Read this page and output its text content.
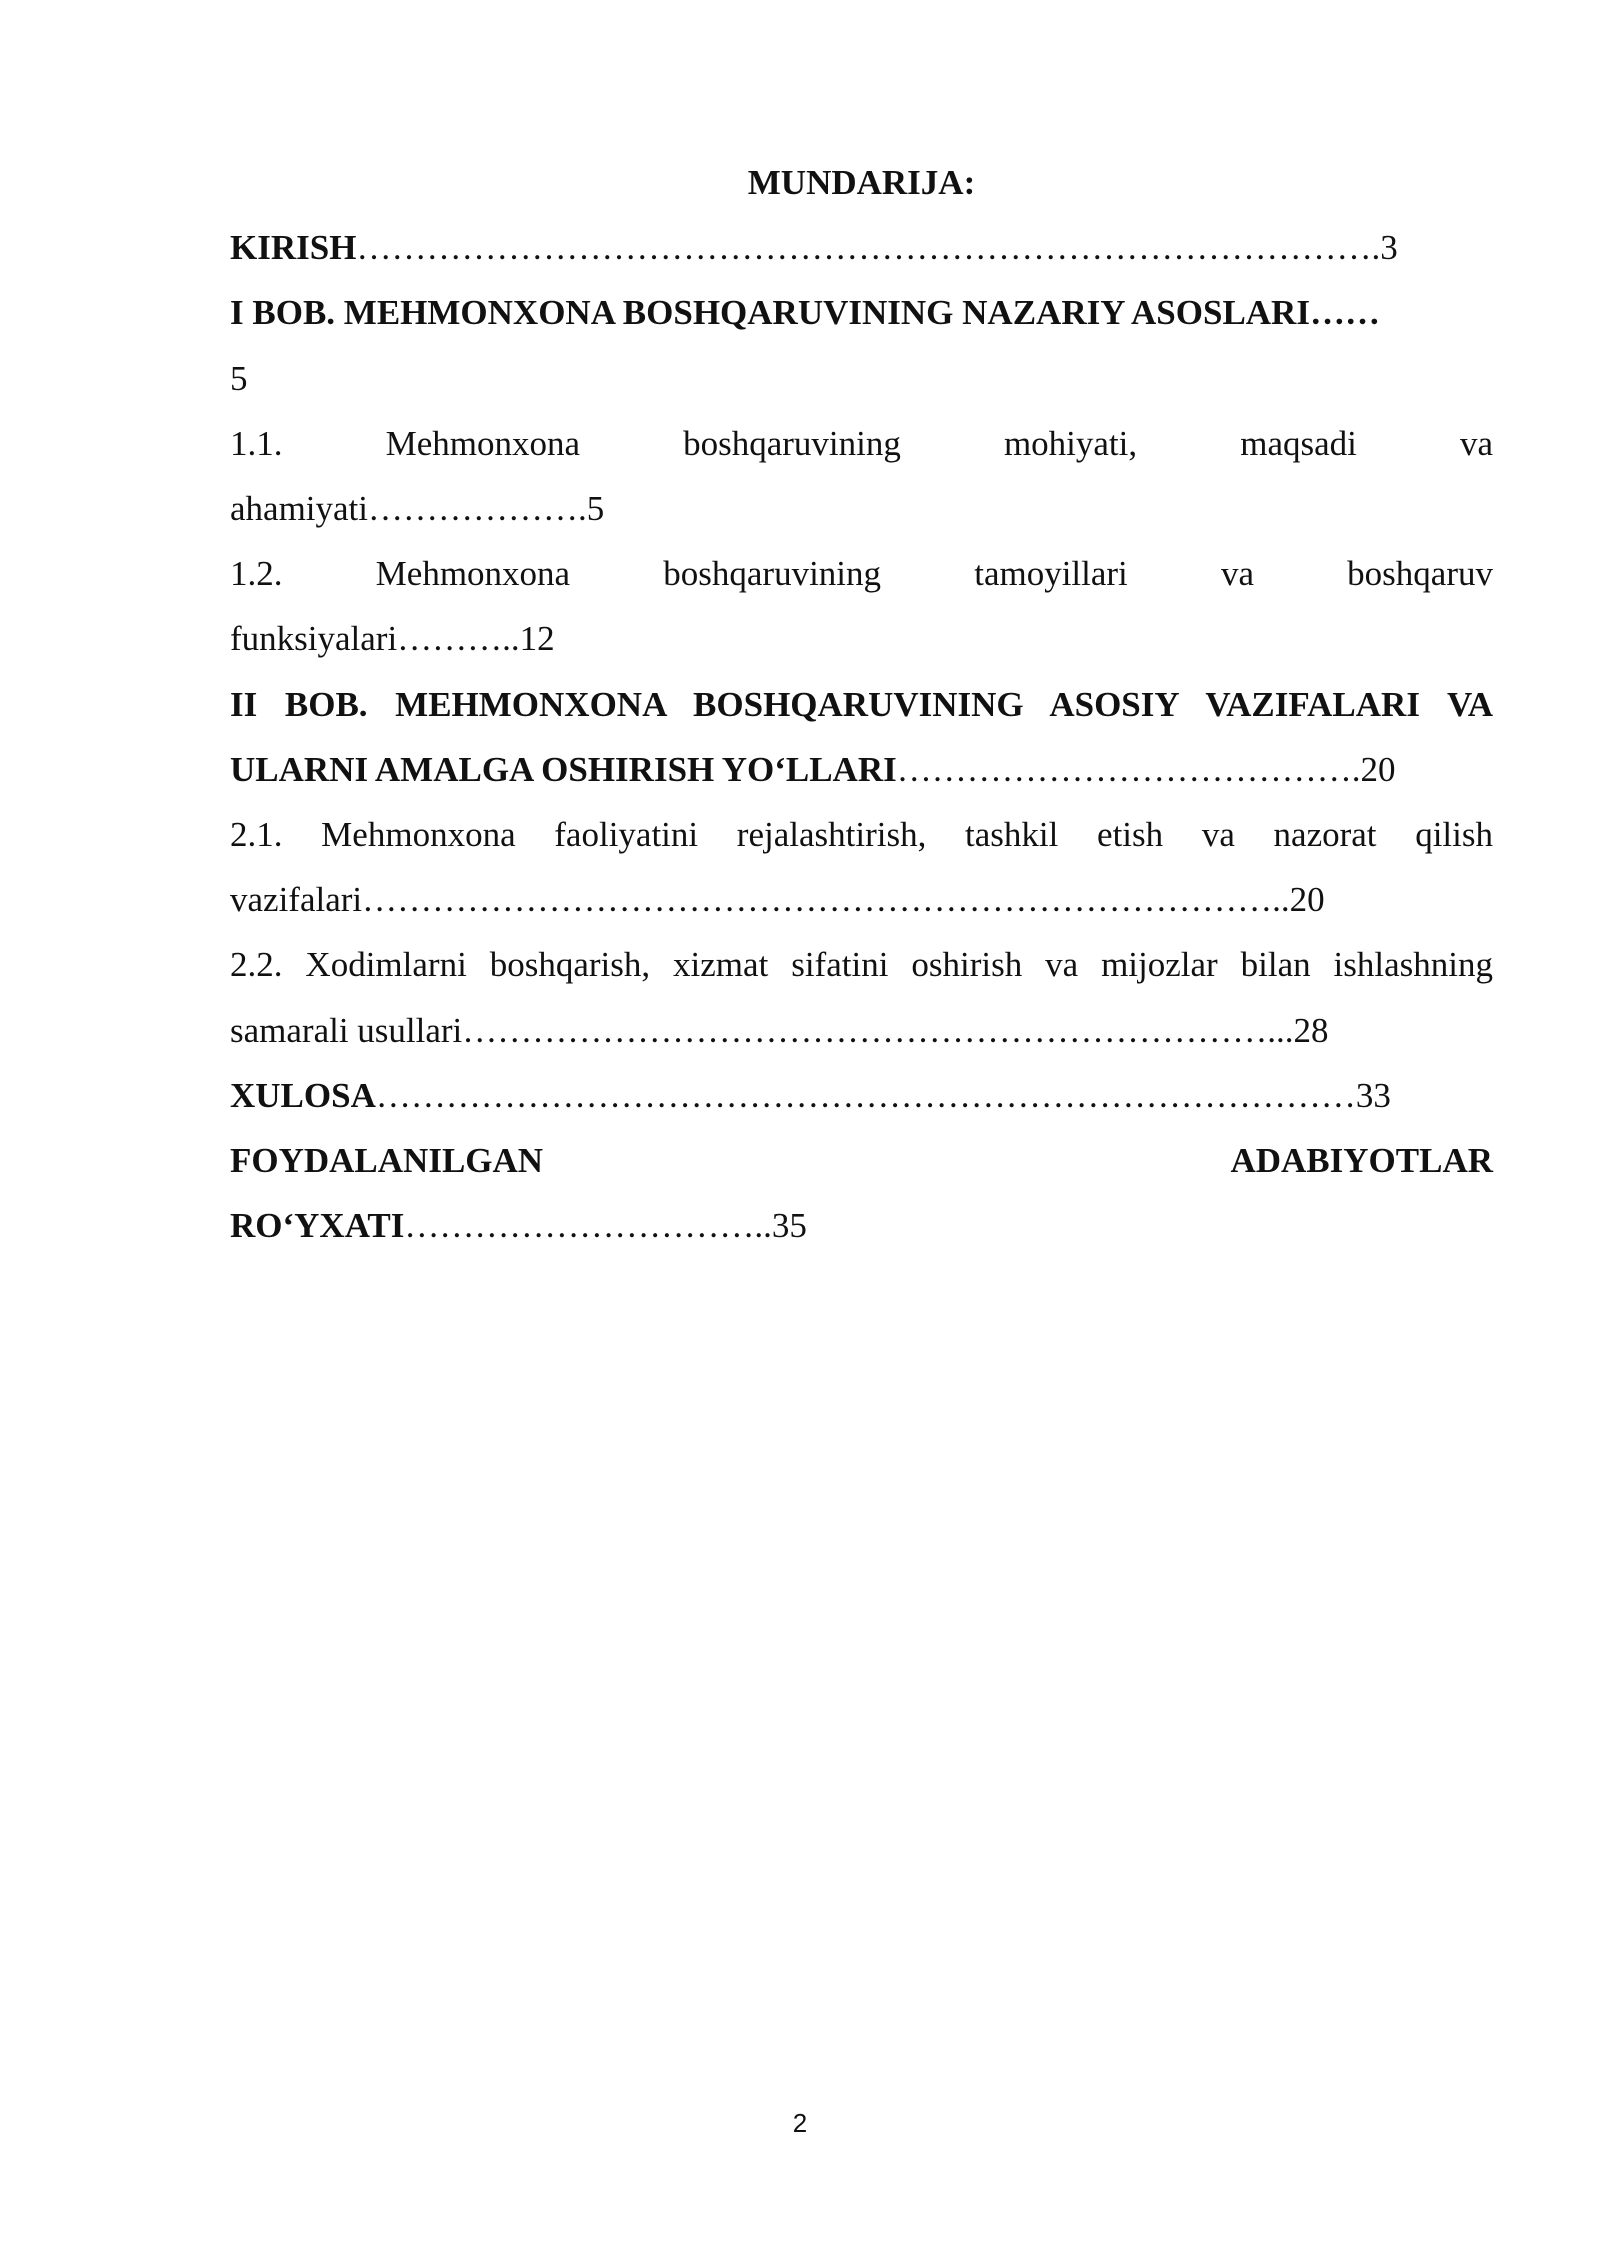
MUNDARIJA:

KIRISH…………………………………………………………………………….3

I BOB. MEHMONXONA BOSHQARUVINING NAZARIY ASOSLARI……

5

1.1. Mehmonxona boshqaruvining mohiyati, maqsadi va

ahamiyati……………….5

1.2. Mehmonxona boshqaruvining tamoyillari va boshqaruv

funksiyalari………..12

II BOB. MEHMONXONA BOSHQARUVINING ASOSIY VAZIFALARI VA

ULARNI AMALGA OSHIRISH YO‘LLARI………………………………….20

2.1. Mehmonxona faoliyatini rejalashtirish, tashkil etish va nazorat qilish

vazifalari……………………………………………………………………..20

2.2. Xodimlarni boshqarish, xizmat sifatini oshirish va mijozlar bilan ishlashning

samarali usullari……………………………………………………………...28

XULOSA…………………………………………………………………………33

FOYDALANILGAN ADABIYOTLAR

RO‘YXATI…………………………..35

2
